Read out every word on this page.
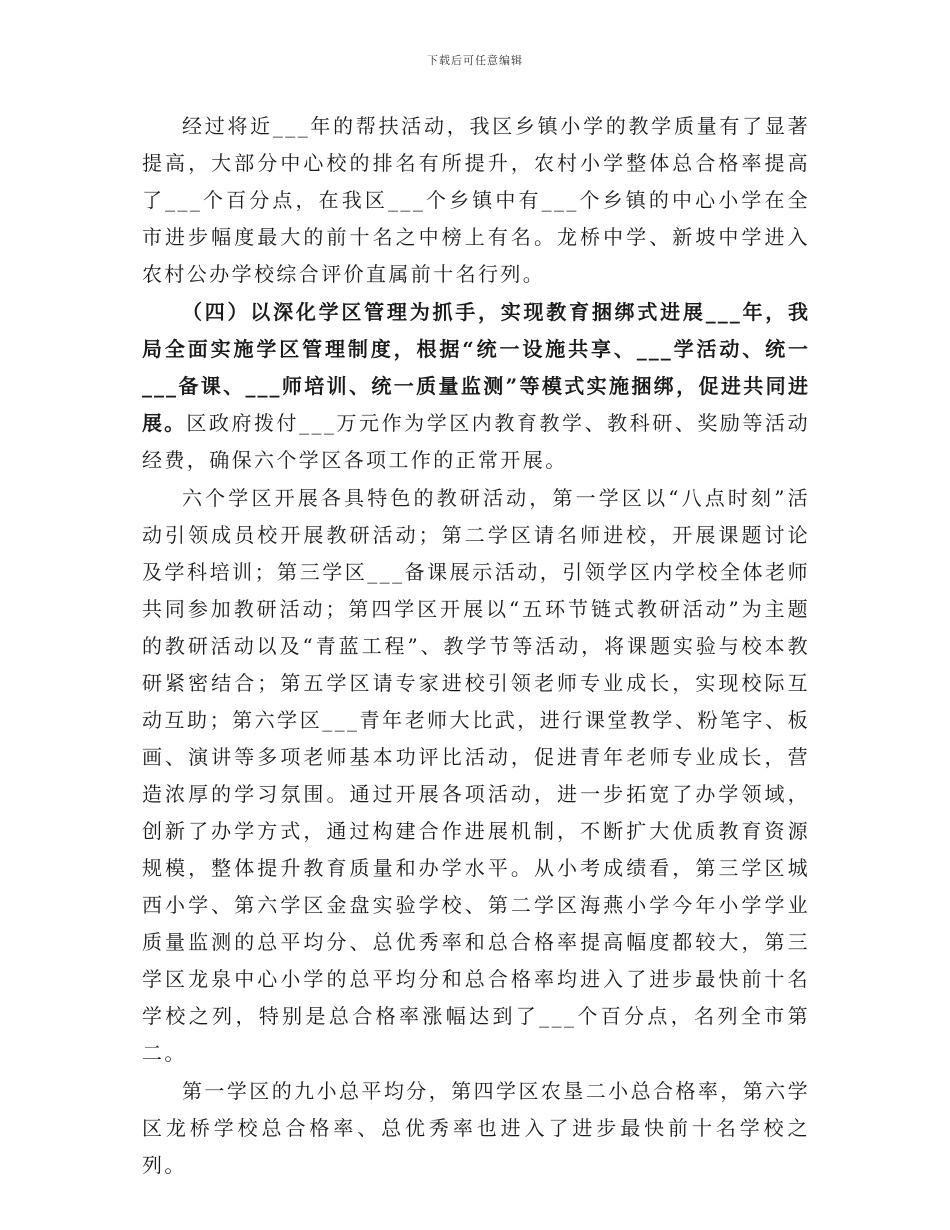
下载后可任意编辑

经过将近___年的帮扶活动，我区乡镇小学的教学质量有了显著提高，大部分中心校的排名有所提升，农村小学整体总合格率提高了___个百分点，在我区___个乡镇中有___个乡镇的中心小学在全市进步幅度最大的前十名之中榜上有名。龙桥中学、新坡中学进入农村公办学校综合评价直属前十名行列。

（四）以深化学区管理为抓手，实现教育捆绑式进展___年，我局全面实施学区管理制度，根据“统一设施共享、___学活动、统一___备课、___师培训、统一质量监测”等模式实施捆绑，促进共同进展。区政府拨付___万元作为学区内教育教学、教科研、奖励等活动经费，确保六个学区各项工作的正常开展。

六个学区开展各具特色的教研活动，第一学区以“八点时刻”活动引领成员校开展教研活动；第二学区请名师进校，开展课题讨论及学科培训；第三学区___备课展示活动，引领学区内学校全体老师共同参加教研活动；第四学区开展以“五环节链式教研活动”为主题的教研活动以及“青蓝工程”、教学节等活动，将课题实验与校本教研紧密结合；第五学区请专家进校引领老师专业成长，实现校际互动互助；第六学区___青年老师大比武，进行课堂教学、粉笔字、板画、演讲等多项老师基本功评比活动，促进青年老师专业成长，营造浓厚的学习氛围。通过开展各项活动，进一步拓宽了办学领域，创新了办学方式，通过构建合作进展机制，不断扩大优质教育资源规模，整体提升教育质量和办学水平。从小考成绩看，第三学区城西小学、第六学区金盘实验学校、第二学区海燕小学今年小学学业质量监测的总平均分、总优秀率和总合格率提高幅度都较大，第三学区龙泉中心小学的总平均分和总合格率均进入了进步最快前十名学校之列，特别是总合格率涨幅达到了___个百分点，名列全市第二。

第一学区的九小总平均分，第四学区农垦二小总合格率，第六学区龙桥学校总合格率、总优秀率也进入了进步最快前十名学校之列。
